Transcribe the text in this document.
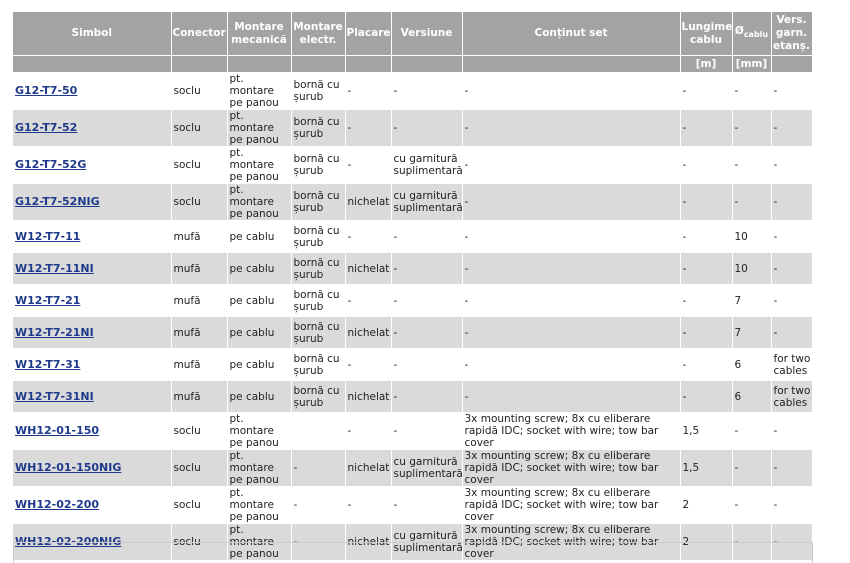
Simbol	Conector	Montare mecanică	Montare electr.	Placare	Versiune	Conținut set	Lungime cablu	$Ø_{cablu}$	Vers. garn. etanș.
							[m]	[mm]	
G12-T7-50	soclu	pt. montare pe panou	bornă cu șurub	-	-	-	-	-	-
G12-T7-52	soclu	pt. montare pe panou	bornă cu șurub	-	-	-	-	-	-
G12-T7-52G	soclu	pt. montare pe panou	bornă cu șurub	-	cu garnitură suplimentară	-	-	-	-
G12-T7-52NIG	soclu	pt. montare pe panou	bornă cu șurub	nichelat	cu garnitură suplimentară	-	-	-	-
W12-T7-11	mufă	pe cablu	bornă cu șurub	-	-	-	-	10	-
W12-T7-11NI	mufă	pe cablu	bornă cu șurub	nichelat	-	-	-	10	-
W12-T7-21	mufă	pe cablu	bornă cu șurub	-	-	-	-	7	-
W12-T7-21NI	mufă	pe cablu	bornă cu șurub	nichelat	-	-	-	7	-
W12-T7-31	mufă	pe cablu	bornă cu șurub	-	-	-	-	6	for two cables
W12-T7-31NI	mufă	pe cablu	bornă cu șurub	nichelat	-	-	-	6	for two cables
WH12-01-150	soclu	pt. montare pe panou		-	-	3x mounting screw; 8x cu eliberare rapidă IDC; socket with wire; tow bar cover	1,5	-	-
WH12-01-150NIG	soclu	pt. montare pe panou	-	nichelat	cu garnitură suplimentară	3x mounting screw; 8x cu eliberare rapidă IDC; socket with wire; tow bar cover	1,5	-	-
WH12-02-200	soclu	pt. montare pe panou	-	-	-	3x mounting screw; 8x cu eliberare rapidă IDC; socket with wire; tow bar cover	2	-	-
WH12-02-200NIG	soclu	pt. montare pe panou	-	nichelat	cu garnitură suplimentară	3x mounting screw; 8x cu eliberare rapidă IDC; socket with wire; tow bar cover	2	-	-
